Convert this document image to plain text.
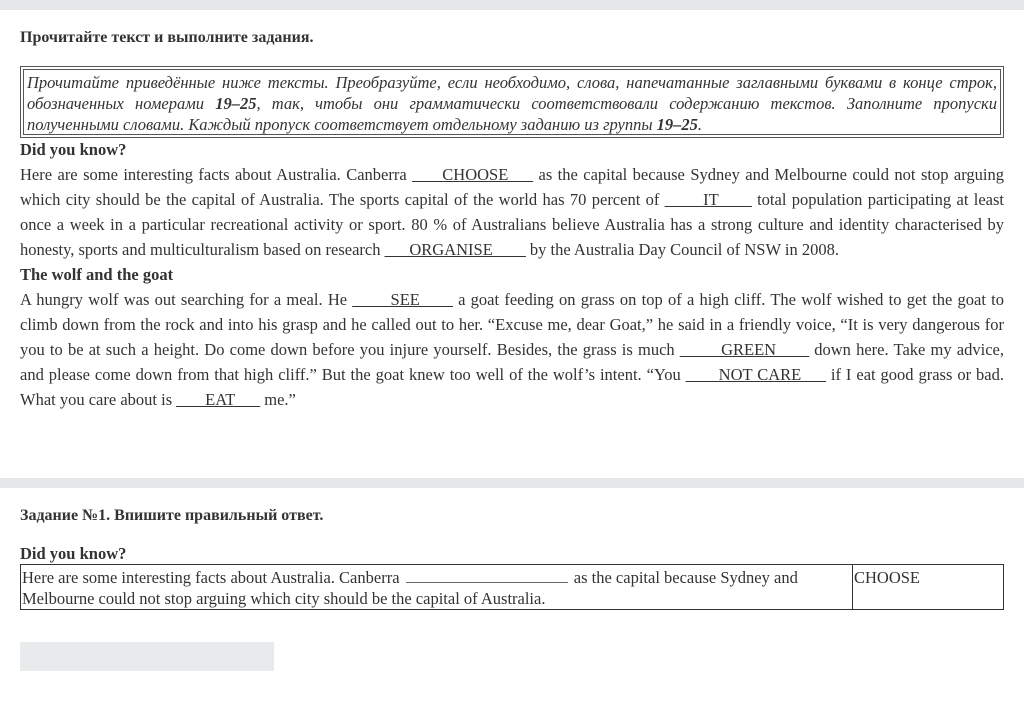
Прочитайте текст и выполните задания.
Прочитайте приведённые ниже тексты. Преобразуйте, если необходимо, слова, напечатанные заглавными буквами в конце строк, обозначенных номерами 19–25, так, чтобы они грамматически соответствовали содержанию текстов. Заполните пропуски полученными словами. Каждый пропуск соответствует отдельному заданию из группы 19–25.
Did you know?

Here are some interesting facts about Australia. Canberra ___ CHOOSE___ as the capital because Sydney and Melbourne could not stop arguing which city should be the capital of Australia. The sports capital of the world has 70 percent of ____ IT____ total population participating at least once a week in a particular recreational activity or sport. 80 % of Australians believe Australia has a strong culture and identity characterised by honesty, sports and multiculturalism based on research ___ORGANISE____ by the Australia Day Council of NSW in 2008.

The wolf and the goat

A hungry wolf was out searching for a meal. He ____ SEE____ a goat feeding on grass on top of a high cliff. The wolf wished to get the goat to climb down from the rock and into his grasp and he called out to her. “Excuse me, dear Goat,” he said in a friendly voice, “It is very dangerous for you to be at such a height. Do come down before you injure yourself. Besides, the grass is much _____GREEN____ down here. Take my advice, and please come down from that high cliff.” But the goat knew too well of the wolf’s intent. “You ____NOT CARE___ if I eat good grass or bad. What you care about is ___ EAT___ me.”

Задание №1. Впишите правильный ответ.
Did you know?
Here are some interesting facts about Australia. Canberra	as the capital because Sydney and Melbourne could not stop arguing which city should be the capital of Australia.
CHOOSE
